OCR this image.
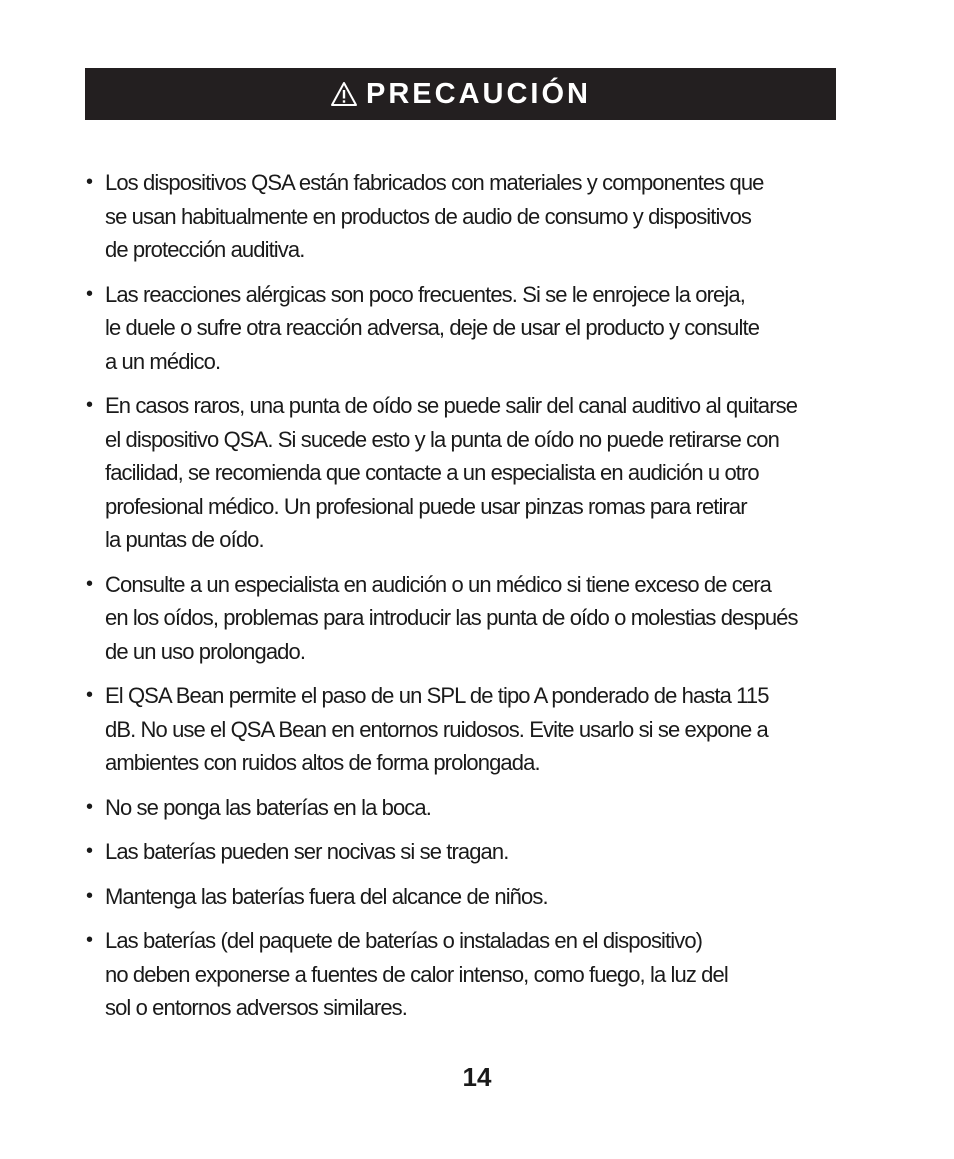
PRECAUCIÓN
• Los dispositivos QSA están fabricados con materiales y componentes que
se usan habitualmente en productos de audio de consumo y dispositivos
de protección auditiva.
• Las reacciones alérgicas son poco frecuentes. Si se le enrojece la oreja,
le duele o sufre otra reacción adversa, deje de usar el producto y consulte
a un médico.
• En casos raros, una punta de oído se puede salir del canal auditivo al quitarse
el dispositivo QSA. Si sucede esto y la punta de oído no puede retirarse con
facilidad, se recomienda que contacte a un especialista en audición u otro
profesional médico. Un profesional puede usar pinzas romas para retirar
la puntas de oído.
• Consulte a un especialista en audición o un médico si tiene exceso de cera
en los oídos, problemas para introducir las punta de oído o molestias después
de un uso prolongado.
• El QSA Bean permite el paso de un SPL de tipo A ponderado de hasta 115
dB. No use el QSA Bean en entornos ruidosos. Evite usarlo si se expone a
ambientes con ruidos altos de forma prolongada.
• No se ponga las baterías en la boca.
• Las baterías pueden ser nocivas si se tragan.
• Mantenga las baterías fuera del alcance de niños.
• Las baterías (del paquete de baterías o instaladas en el dispositivo)
no deben exponerse a fuentes de calor intenso, como fuego, la luz del
sol o entornos adversos similares.
14
